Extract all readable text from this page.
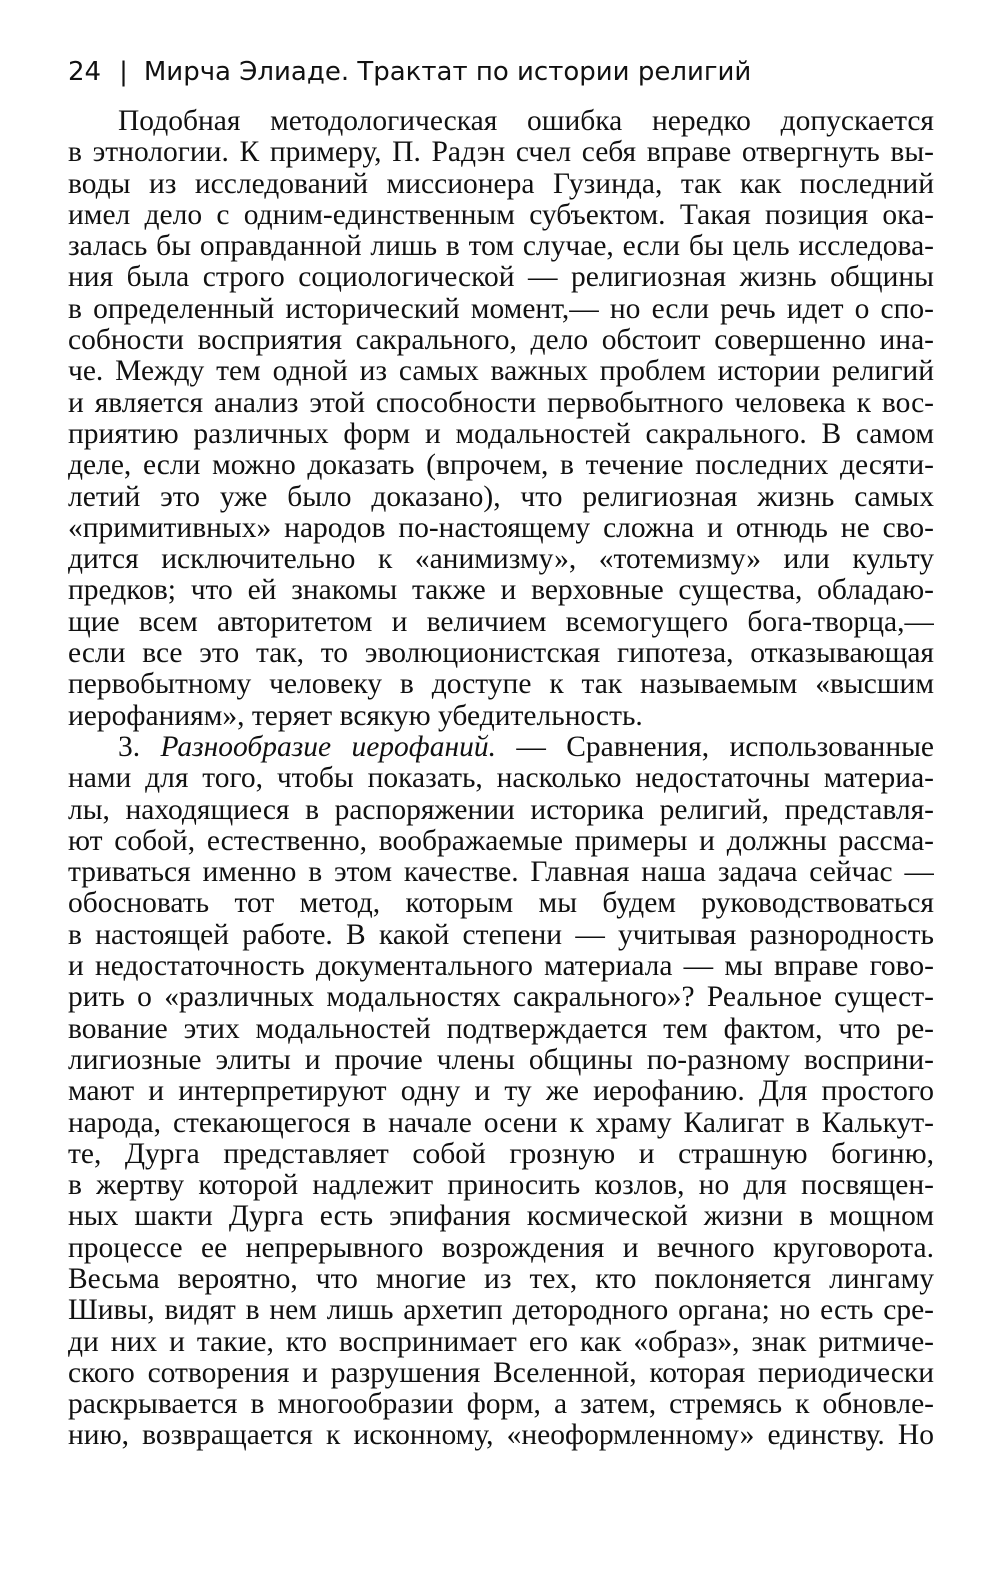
24 | Мирча Элиаде. Трактат по истории религий
Подобная методологическая ошибка нередко допускается
в этнологии. К примеру, П. Радэн счел себя вправе отвергнуть вы-
воды из исследований миссионера Гузинда, так как последний
имел дело с одним-единственным субъектом. Такая позиция ока-
залась бы оправданной лишь в том случае, если бы цель исследова-
ния была строго социологической — религиозная жизнь общины
в определенный исторический момент,— но если речь идет о спо-
собности восприятия сакрального, дело обстоит совершенно ина-
че. Между тем одной из самых важных проблем истории религий
и является анализ этой способности первобытного человека к вос-
приятию различных форм и модальностей сакрального. В самом
деле, если можно доказать (впрочем, в течение последних десяти-
летий это уже было доказано), что религиозная жизнь самых
«примитивных» народов по-настоящему сложна и отнюдь не сво-
дится исключительно к «анимизму», «тотемизму» или культу
предков; что ей знакомы также и верховные существа, обладаю-
щие всем авторитетом и величием всемогущего бога-творца,—
если все это так, то эволюционистская гипотеза, отказывающая
первобытному человеку в доступе к так называемым «высшим
иерофаниям», теряет всякую убедительность.
3. Разнообразие иерофаний. — Сравнения, использованные
нами для того, чтобы показать, насколько недостаточны материа-
лы, находящиеся в распоряжении историка религий, представля-
ют собой, естественно, воображаемые примеры и должны рассма-
триваться именно в этом качестве. Главная наша задача сейчас —
обосновать тот метод, которым мы будем руководствоваться
в настоящей работе. В какой степени — учитывая разнородность
и недостаточность документального материала — мы вправе гово-
рить о «различных модальностях сакрального»? Реальное сущест-
вование этих модальностей подтверждается тем фактом, что ре-
лигиозные элиты и прочие члены общины по-разному восприни-
мают и интерпретируют одну и ту же иерофанию. Для простого
народа, стекающегося в начале осени к храму Калигат в Калькут-
те, Дурга представляет собой грозную и страшную богиню,
в жертву которой надлежит приносить козлов, но для посвящен-
ных шакти Дурга есть эпифания космической жизни в мощном
процессе ее непрерывного возрождения и вечного круговорота.
Весьма вероятно, что многие из тех, кто поклоняется лингаму
Шивы, видят в нем лишь архетип детородного органа; но есть сре-
ди них и такие, кто воспринимает его как «образ», знак ритмиче-
ского сотворения и разрушения Вселенной, которая периодически
раскрывается в многообразии форм, а затем, стремясь к обновле-
нию, возвращается к исконному, «неоформленному» единству. Но
